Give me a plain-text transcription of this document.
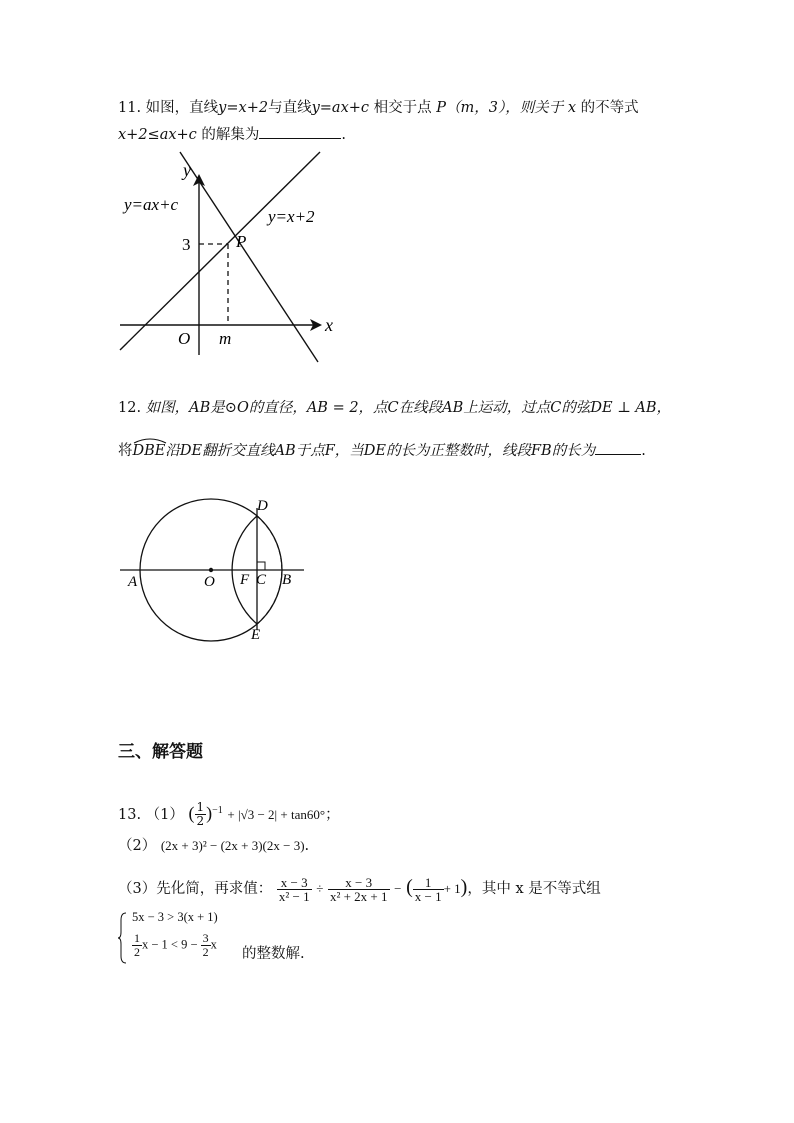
11. 如图，直线y=x+2与直线y=ax+c 相交于点 P（m，3），则关于 x 的不等式
x+2≤ax+c 的解集为	.
y
x
O m
3	P
y=ax+c
y=x+2
12. 如图，AB是⊙O的直径，AB = 2，点C在线段AB上运动，过点C的弦DE ⊥ AB，
将
DBE沿DE翻折交直线AB于点F，当DE的长为正整数时，线段FB的长为	.
A	O F C B
D
E
三、解答题
13. （1） ( $\frac{1}{2} )^{-1} + |√3 - 2| + \tan 60^\circ$；
（2） (2x + 3)² − (2x + 3)(2x − 3).
（3）先化简，再求值： $\frac{x - 3}{\text{x² − 1}} \div \frac{x - 3}{\text{x² + 2x + 1}}$ − ( $\frac{1}{x - 1} + 1$)，其中 x 是不等式组
5x − 3 > 3(x + 1)
$\frac{1}{2}$ $x - 1 < 9 - \frac{3}{2}$ x
的整数解.
